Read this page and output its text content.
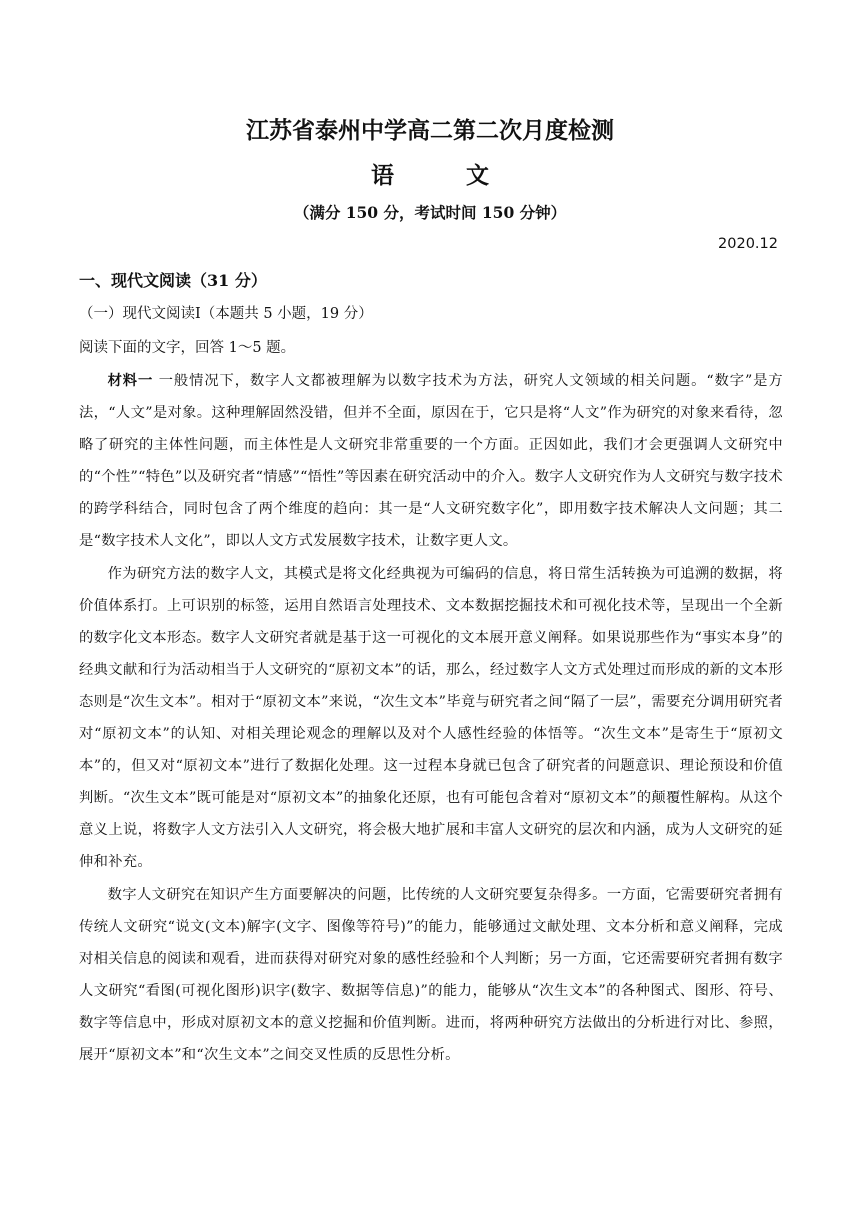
江苏省泰州中学高二第二次月度检测
语 文
（满分 150 分，考试时间 150 分钟）
2020.12
一、现代文阅读（31 分）
（一）现代文阅读Ⅰ（本题共 5 小题，19 分）
阅读下面的文字，回答 1～5 题。

材料一 一般情况下，数字人文都被理解为以数字技术为方法，研究人文领域的相关问题。“数字”是方法，“人文”是对象。这种理解固然没错，但并不全面，原因在于，它只是将“人文”作为研究的对象来看待，忽略了研究的主体性问题，而主体性是人文研究非常重要的一个方面。正因如此，我们才会更强调人文研究中的“个性”“特色”以及研究者“情感”“悟性”等因素在研究活动中的介入。数字人文研究作为人文研究与数字技术的跨学科结合，同时包含了两个维度的趋向：其一是“人文研究数字化”，即用数字技术解决人文问题；其二是“数字技术人文化”，即以人文方式发展数字技术，让数字更人文。

作为研究方法的数字人文，其模式是将文化经典视为可编码的信息，将日常生活转换为可追溯的数据，将价值体系打。上可识别的标签，运用自然语言处理技术、文本数据挖掘技术和可视化技术等，呈现出一个全新的数字化文本形态。数字人文研究者就是基于这一可视化的文本展开意义阐释。如果说那些作为“事实本身”的经典文献和行为活动相当于人文研究的“原初文本”的话，那么，经过数字人文方式处理过而形成的新的文本形态则是“次生文本”。相对于“原初文本”来说，“次生文本”毕竟与研究者之间“隔了一层”，需要充分调用研究者对“原初文本”的认知、对相关理论观念的理解以及对个人感性经验的体悟等。“次生文本”是寄生于“原初文本”的，但又对“原初文本”进行了数据化处理。这一过程本身就已包含了研究者的问题意识、理论预设和价值判断。“次生文本”既可能是对“原初文本”的抽象化还原，也有可能包含着对“原初文本”的颠覆性解构。从这个意义上说，将数字人文方法引入人文研究，将会极大地扩展和丰富人文研究的层次和内涵，成为人文研究的延伸和补充。

数字人文研究在知识产生方面要解决的问题，比传统的人文研究要复杂得多。一方面，它需要研究者拥有传统人文研究“说文(文本)解字(文字、图像等符号)”的能力，能够通过文献处理、文本分析和意义阐释，完成对相关信息的阅读和观看，进而获得对研究对象的感性经验和个人判断；另一方面，它还需要研究者拥有数字人文研究“看图(可视化图形)识字(数字、数据等信息)”的能力，能够从“次生文本”的各种图式、图形、符号、数字等信息中，形成对原初文本的意义挖掘和价值判断。进而，将两种研究方法做出的分析进行对比、参照，展开“原初文本”和“次生文本”之间交叉性质的反思性分析。
